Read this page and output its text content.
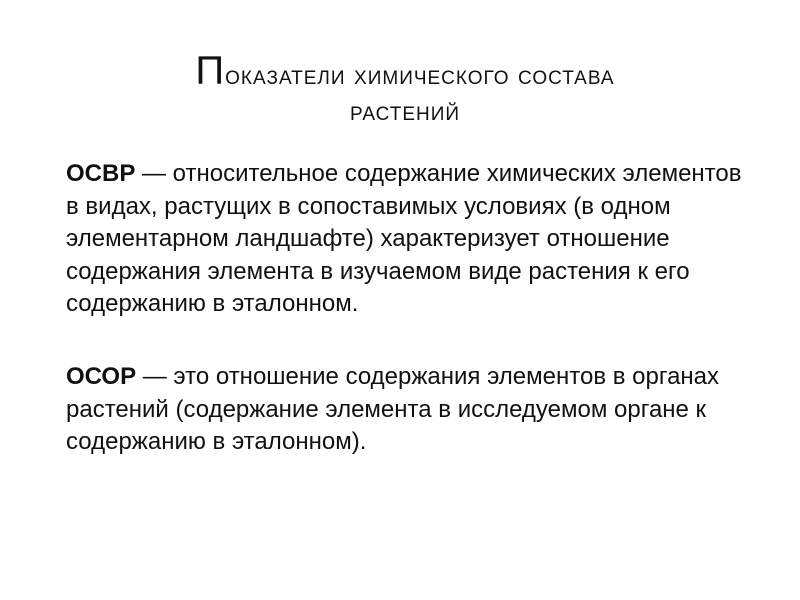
Показатели химического состава
растений

ОСВР — относительное содержание химических элементов в видах, растущих в сопоставимых условиях (в одном элементарном ландшафте) характеризует отношение содержания элемента в изучаемом виде растения к его содержанию в эталонном.

ОСОР — это отношение содержания элементов в органах растений (содержание элемента в исследуемом органе к содержанию в эталонном).
